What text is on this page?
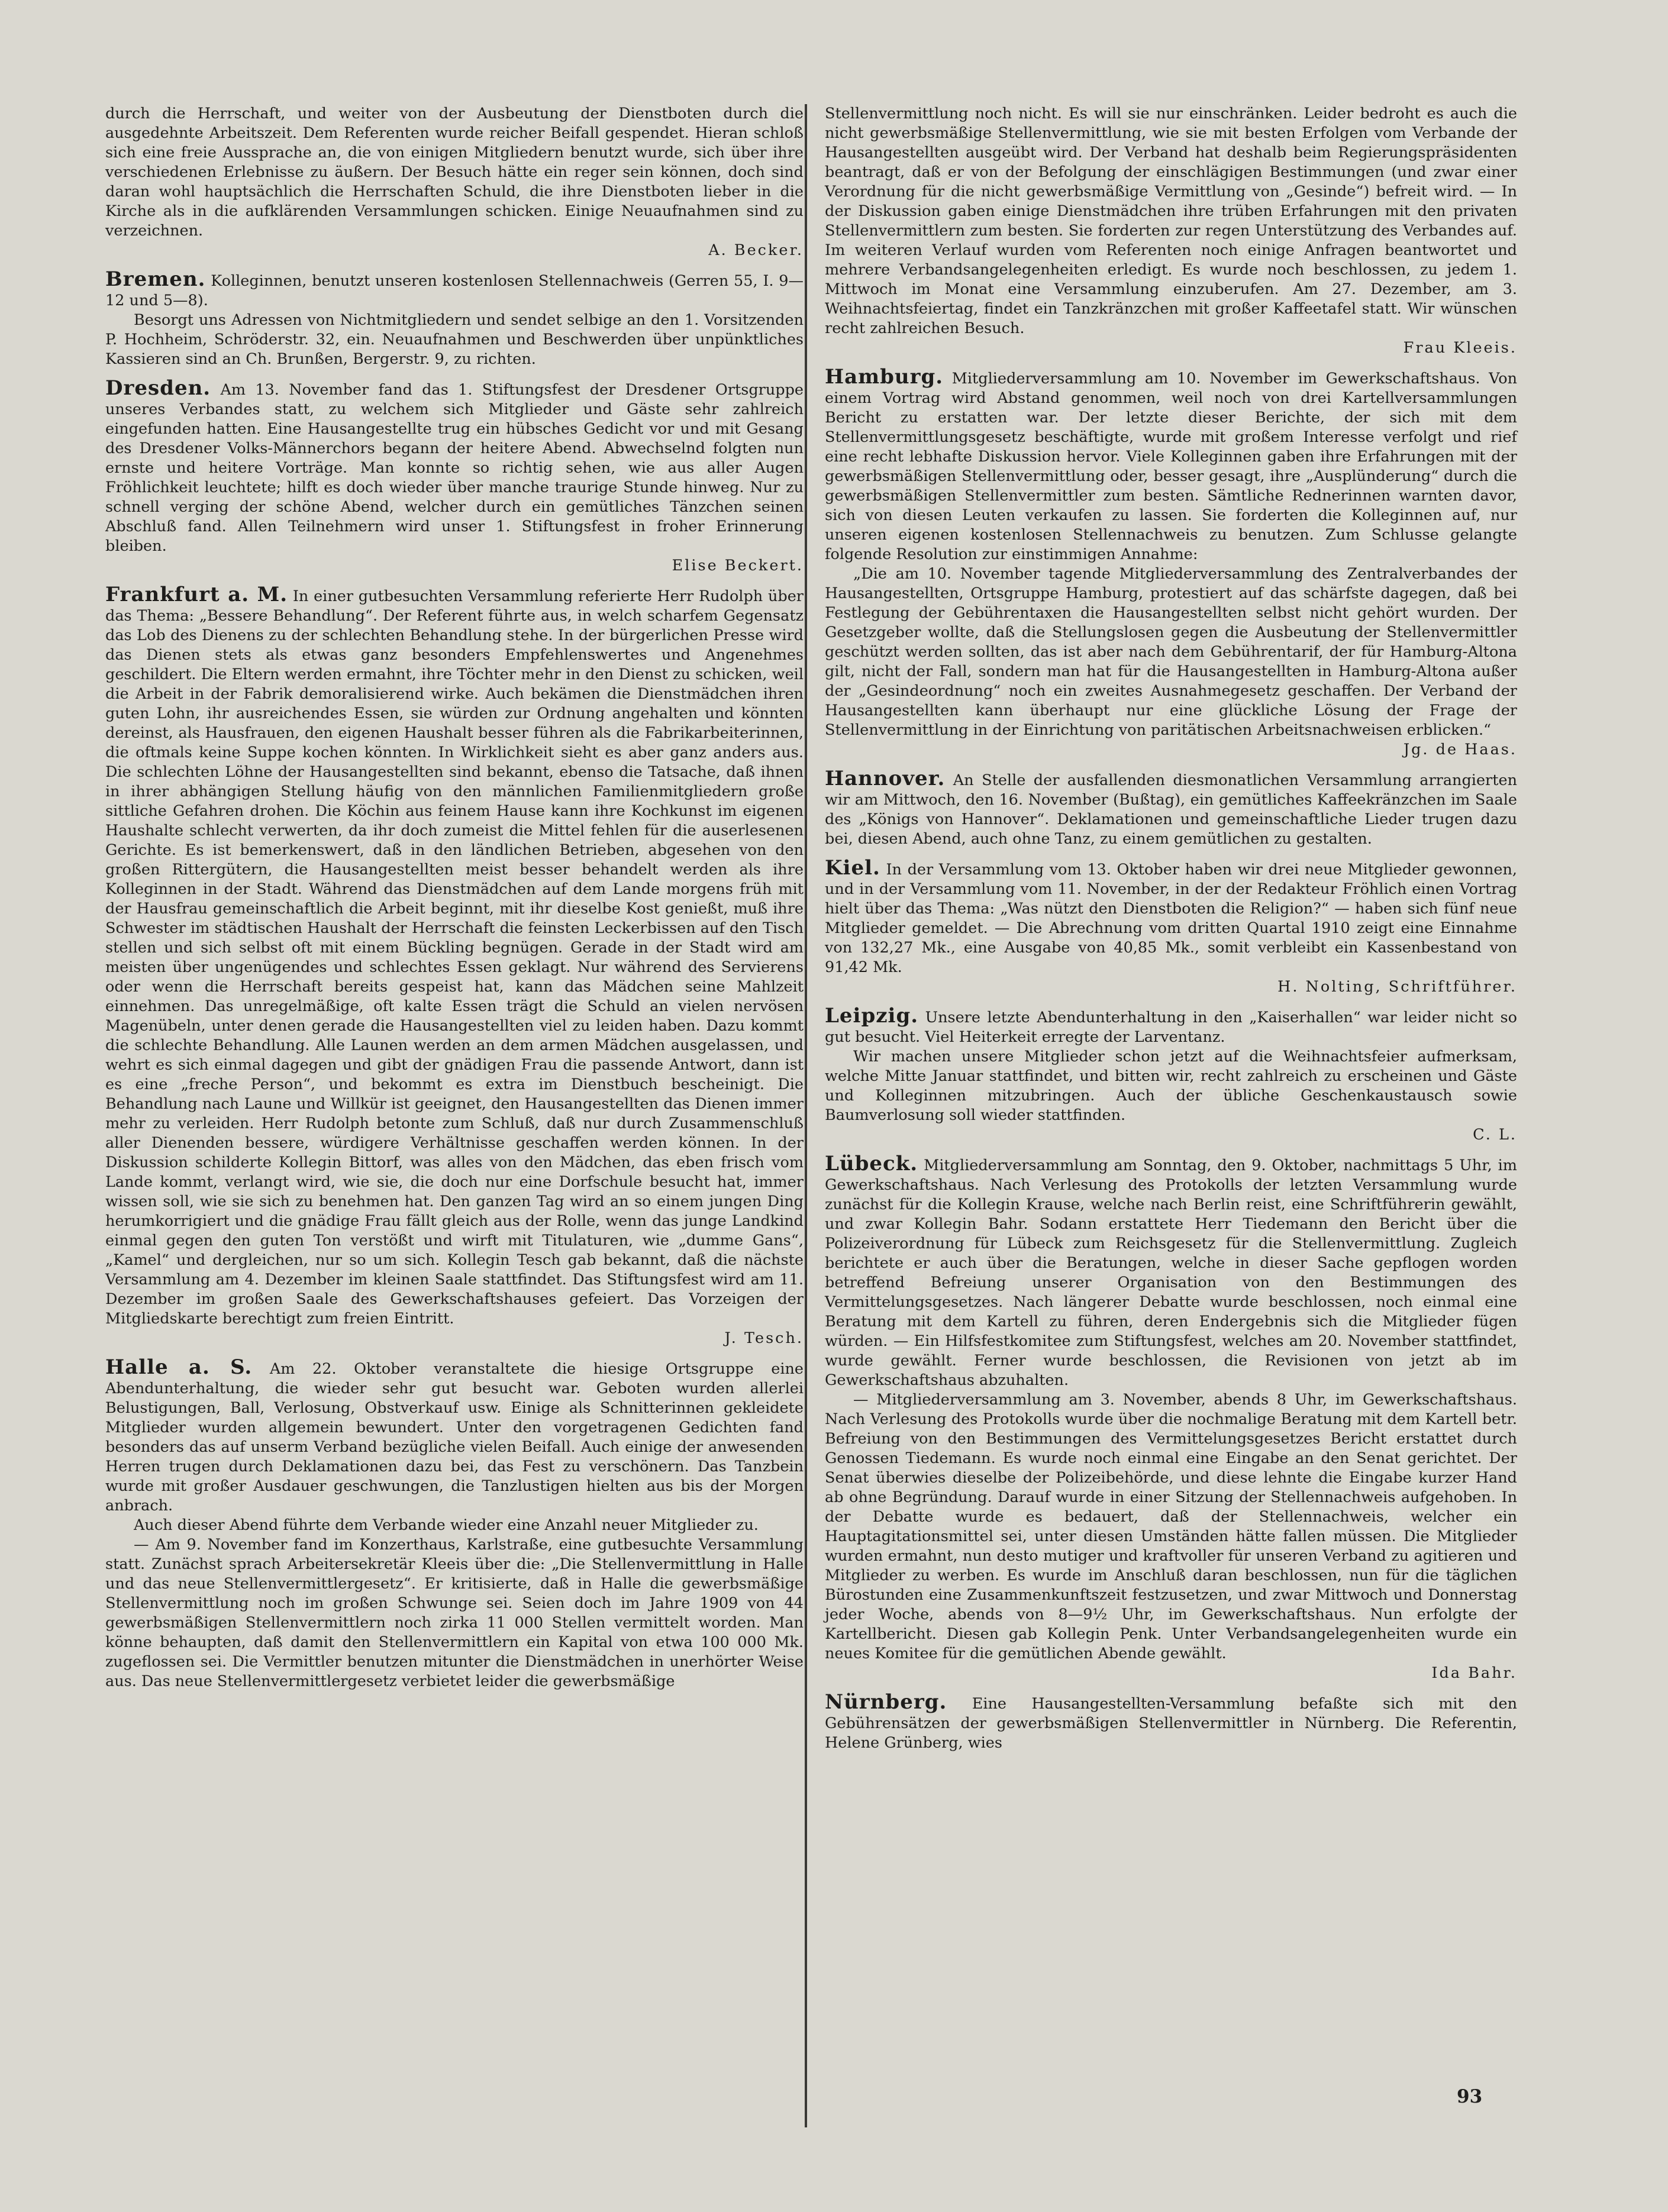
durch die Herrschaft, und weiter von der Ausbeutung der Dienstboten durch die ausgedehnte Arbeitszeit. Dem Referenten wurde reicher Beifall gespendet. Hieran schloß sich eine freie Aussprache an, die von einigen Mitgliedern benutzt wurde, sich über ihre verschiedenen Erlebnisse zu äußern. Der Besuch hätte ein reger sein können, doch sind daran wohl hauptsächlich die Herrschaften Schuld, die ihre Dienstboten lieber in die Kirche als in die aufklärenden Versammlungen schicken. Einige Neuaufnahmen sind zu verzeichnen.

A. Becker.

Bremen. Kolleginnen, benutzt unseren kostenlosen Stellennachweis (Gerren 55, I. 9—12 und 5—8).

Besorgt uns Adressen von Nichtmitgliedern und sendet selbige an den 1. Vorsitzenden P. Hochheim, Schröderstr. 32, ein. Neuaufnahmen und Beschwerden über unpünktliches Kassieren sind an Ch. Brunßen, Bergerstr. 9, zu richten.

Dresden. Am 13. November fand das 1. Stiftungsfest der Dresdener Ortsgruppe unseres Verbandes statt, zu welchem sich Mitglieder und Gäste sehr zahlreich eingefunden hatten. Eine Hausangestellte trug ein hübsches Gedicht vor und mit Gesang des Dresdener Volks-Männerchors begann der heitere Abend. Abwechselnd folgten nun ernste und heitere Vorträge. Man konnte so richtig sehen, wie aus aller Augen Fröhlichkeit leuchtete; hilft es doch wieder über manche traurige Stunde hinweg. Nur zu schnell verging der schöne Abend, welcher durch ein gemütliches Tänzchen seinen Abschluß fand. Allen Teilnehmern wird unser 1. Stiftungsfest in froher Erinnerung bleiben.

Elise Beckert.

Frankfurt a. M. In einer gutbesuchten Versammlung referierte Herr Rudolph über das Thema: „Bessere Behandlung“. Der Referent führte aus, in welch scharfem Gegensatz das Lob des Dienens zu der schlechten Behandlung stehe. In der bürgerlichen Presse wird das Dienen stets als etwas ganz besonders Empfehlenswertes und Angenehmes geschildert. Die Eltern werden ermahnt, ihre Töchter mehr in den Dienst zu schicken, weil die Arbeit in der Fabrik demoralisierend wirke. Auch bekämen die Dienstmädchen ihren guten Lohn, ihr ausreichendes Essen, sie würden zur Ordnung angehalten und könnten dereinst, als Hausfrauen, den eigenen Haushalt besser führen als die Fabrikarbeiterinnen, die oftmals keine Suppe kochen könnten. In Wirklichkeit sieht es aber ganz anders aus. Die schlechten Löhne der Hausangestellten sind bekannt, ebenso die Tatsache, daß ihnen in ihrer abhängigen Stellung häufig von den männlichen Familienmitgliedern große sittliche Gefahren drohen. Die Köchin aus feinem Hause kann ihre Kochkunst im eigenen Haushalte schlecht verwerten, da ihr doch zumeist die Mittel fehlen für die auserlesenen Gerichte. Es ist bemerkenswert, daß in den ländlichen Betrieben, abgesehen von den großen Rittergütern, die Hausangestellten meist besser behandelt werden als ihre Kolleginnen in der Stadt. Während das Dienstmädchen auf dem Lande morgens früh mit der Hausfrau gemeinschaftlich die Arbeit beginnt, mit ihr dieselbe Kost genießt, muß ihre Schwester im städtischen Haushalt der Herrschaft die feinsten Leckerbissen auf den Tisch stellen und sich selbst oft mit einem Bückling begnügen. Gerade in der Stadt wird am meisten über ungenügendes und schlechtes Essen geklagt. Nur während des Servierens oder wenn die Herrschaft bereits gespeist hat, kann das Mädchen seine Mahlzeit einnehmen. Das unregelmäßige, oft kalte Essen trägt die Schuld an vielen nervösen Magenübeln, unter denen gerade die Hausangestellten viel zu leiden haben. Dazu kommt die schlechte Behandlung. Alle Launen werden an dem armen Mädchen ausgelassen, und wehrt es sich einmal dagegen und gibt der gnädigen Frau die passende Antwort, dann ist es eine „freche Person“, und bekommt es extra im Dienstbuch bescheinigt. Die Behandlung nach Laune und Willkür ist geeignet, den Hausangestellten das Dienen immer mehr zu verleiden. Herr Rudolph betonte zum Schluß, daß nur durch Zusammenschluß aller Dienenden bessere, würdigere Verhältnisse geschaffen werden können. In der Diskussion schilderte Kollegin Bittorf, was alles von den Mädchen, das eben frisch vom Lande kommt, verlangt wird, wie sie, die doch nur eine Dorfschule besucht hat, immer wissen soll, wie sie sich zu benehmen hat. Den ganzen Tag wird an so einem jungen Ding herumkorrigiert und die gnädige Frau fällt gleich aus der Rolle, wenn das junge Landkind einmal gegen den guten Ton verstößt und wirft mit Titulaturen, wie „dumme Gans“, „Kamel“ und dergleichen, nur so um sich. Kollegin Tesch gab bekannt, daß die nächste Versammlung am 4. Dezember im kleinen Saale stattfindet. Das Stiftungsfest wird am 11. Dezember im großen Saale des Gewerkschaftshauses gefeiert. Das Vorzeigen der Mitgliedskarte berechtigt zum freien Eintritt.

J. Tesch.

Halle a. S. Am 22. Oktober veranstaltete die hiesige Ortsgruppe eine Abendunterhaltung, die wieder sehr gut besucht war. Geboten wurden allerlei Belustigungen, Ball, Verlosung, Obstverkauf usw. Einige als Schnitterinnen gekleidete Mitglieder wurden allgemein bewundert. Unter den vorgetragenen Gedichten fand besonders das auf unserm Verband bezügliche vielen Beifall. Auch einige der anwesenden Herren trugen durch Deklamationen dazu bei, das Fest zu verschönern. Das Tanzbein wurde mit großer Ausdauer geschwungen, die Tanzlustigen hielten aus bis der Morgen anbrach.

Auch dieser Abend führte dem Verbande wieder eine Anzahl neuer Mitglieder zu.

— Am 9. November fand im Konzerthaus, Karlstraße, eine gutbesuchte Versammlung statt. Zunächst sprach Arbeitersekretär Kleeis über die: „Die Stellenvermittlung in Halle und das neue Stellenvermittlergesetz“. Er kritisierte, daß in Halle die gewerbsmäßige Stellenvermittlung noch im großen Schwunge sei. Seien doch im Jahre 1909 von 44 gewerbsmäßigen Stellenvermittlern noch zirka 11 000 Stellen vermittelt worden. Man könne behaupten, daß damit den Stellenvermittlern ein Kapital von etwa 100 000 Mk. zugeflossen sei. Die Vermittler benutzen mitunter die Dienstmädchen in unerhörter Weise aus. Das neue Stellenvermittlergesetz verbietet leider die gewerbsmäßige

Stellenvermittlung noch nicht. Es will sie nur einschränken. Leider bedroht es auch die nicht gewerbsmäßige Stellenvermittlung, wie sie mit besten Erfolgen vom Verbande der Hausangestellten ausgeübt wird. Der Verband hat deshalb beim Regierungspräsidenten beantragt, daß er von der Befolgung der einschlägigen Bestimmungen (und zwar einer Verordnung für die nicht gewerbsmäßige Vermittlung von „Gesinde“) befreit wird. — In der Diskussion gaben einige Dienstmädchen ihre trüben Erfahrungen mit den privaten Stellenvermittlern zum besten. Sie forderten zur regen Unterstützung des Verbandes auf. Im weiteren Verlauf wurden vom Referenten noch einige Anfragen beantwortet und mehrere Verbandsangelegenheiten erledigt. Es wurde noch beschlossen, zu jedem 1. Mittwoch im Monat eine Versammlung einzuberufen. Am 27. Dezember, am 3. Weihnachtsfeiertag, findet ein Tanzkränzchen mit großer Kaffeetafel statt. Wir wünschen recht zahlreichen Besuch.

Frau Kleeis.

Hamburg. Mitgliederversammlung am 10. November im Gewerkschaftshaus. Von einem Vortrag wird Abstand genommen, weil noch von drei Kartellversammlungen Bericht zu erstatten war. Der letzte dieser Berichte, der sich mit dem Stellenvermittlungsgesetz beschäftigte, wurde mit großem Interesse verfolgt und rief eine recht lebhafte Diskussion hervor. Viele Kolleginnen gaben ihre Erfahrungen mit der gewerbsmäßigen Stellenvermittlung oder, besser gesagt, ihre „Ausplünderung“ durch die gewerbsmäßigen Stellenvermittler zum besten. Sämtliche Rednerinnen warnten davor, sich von diesen Leuten verkaufen zu lassen. Sie forderten die Kolleginnen auf, nur unseren eigenen kostenlosen Stellennachweis zu benutzen. Zum Schlusse gelangte folgende Resolution zur einstimmigen Annahme:

„Die am 10. November tagende Mitgliederversammlung des Zentralverbandes der Hausangestellten, Ortsgruppe Hamburg, protestiert auf das schärfste dagegen, daß bei Festlegung der Gebührentaxen die Hausangestellten selbst nicht gehört wurden. Der Gesetzgeber wollte, daß die Stellungslosen gegen die Ausbeutung der Stellenvermittler geschützt werden sollten, das ist aber nach dem Gebührentarif, der für Hamburg-Altona gilt, nicht der Fall, sondern man hat für die Hausangestellten in Hamburg-Altona außer der „Gesindeordnung“ noch ein zweites Ausnahmegesetz geschaffen. Der Verband der Hausangestellten kann überhaupt nur eine glückliche Lösung der Frage der Stellenvermittlung in der Einrichtung von paritätischen Arbeitsnachweisen erblicken.“

Jg. de Haas.

Hannover. An Stelle der ausfallenden diesmonatlichen Versammlung arrangierten wir am Mittwoch, den 16. November (Bußtag), ein gemütliches Kaffeekränzchen im Saale des „Königs von Hannover“. Deklamationen und gemeinschaftliche Lieder trugen dazu bei, diesen Abend, auch ohne Tanz, zu einem gemütlichen zu gestalten.

Kiel. In der Versammlung vom 13. Oktober haben wir drei neue Mitglieder gewonnen, und in der Versammlung vom 11. November, in der der Redakteur Fröhlich einen Vortrag hielt über das Thema: „Was nützt den Dienstboten die Religion?“ — haben sich fünf neue Mitglieder gemeldet. — Die Abrechnung vom dritten Quartal 1910 zeigt eine Einnahme von 132,27 Mk., eine Ausgabe von 40,85 Mk., somit verbleibt ein Kassenbestand von 91,42 Mk.

H. Nolting, Schriftführer.

Leipzig. Unsere letzte Abendunterhaltung in den „Kaiserhallen“ war leider nicht so gut besucht. Viel Heiterkeit erregte der Larventanz.

Wir machen unsere Mitglieder schon jetzt auf die Weihnachtsfeier aufmerksam, welche Mitte Januar stattfindet, und bitten wir, recht zahlreich zu erscheinen und Gäste und Kolleginnen mitzubringen. Auch der übliche Geschenkaustausch sowie Baumverlosung soll wieder stattfinden.

C. L.

Lübeck. Mitgliederversammlung am Sonntag, den 9. Oktober, nachmittags 5 Uhr, im Gewerkschaftshaus. Nach Verlesung des Protokolls der letzten Versammlung wurde zunächst für die Kollegin Krause, welche nach Berlin reist, eine Schriftführerin gewählt, und zwar Kollegin Bahr. Sodann erstattete Herr Tiedemann den Bericht über die Polizeiverordnung für Lübeck zum Reichsgesetz für die Stellenvermittlung. Zugleich berichtete er auch über die Beratungen, welche in dieser Sache gepflogen worden betreffend Befreiung unserer Organisation von den Bestimmungen des Vermittelungsgesetzes. Nach längerer Debatte wurde beschlossen, noch einmal eine Beratung mit dem Kartell zu führen, deren Endergebnis sich die Mitglieder fügen würden. — Ein Hilfsfestkomitee zum Stiftungsfest, welches am 20. November stattfindet, wurde gewählt. Ferner wurde beschlossen, die Revisionen von jetzt ab im Gewerkschaftshaus abzuhalten.

— Mitgliederversammlung am 3. November, abends 8 Uhr, im Gewerkschaftshaus. Nach Verlesung des Protokolls wurde über die nochmalige Beratung mit dem Kartell betr. Befreiung von den Bestimmungen des Vermittelungsgesetzes Bericht erstattet durch Genossen Tiedemann. Es wurde noch einmal eine Eingabe an den Senat gerichtet. Der Senat überwies dieselbe der Polizeibehörde, und diese lehnte die Eingabe kurzer Hand ab ohne Begründung. Darauf wurde in einer Sitzung der Stellennachweis aufgehoben. In der Debatte wurde es bedauert, daß der Stellennachweis, welcher ein Hauptagitationsmittel sei, unter diesen Umständen hätte fallen müssen. Die Mitglieder wurden ermahnt, nun desto mutiger und kraftvoller für unseren Verband zu agitieren und Mitglieder zu werben. Es wurde im Anschluß daran beschlossen, nun für die täglichen Bürostunden eine Zusammenkunftszeit festzusetzen, und zwar Mittwoch und Donnerstag jeder Woche, abends von 8—9½ Uhr, im Gewerkschaftshaus. Nun erfolgte der Kartellbericht. Diesen gab Kollegin Penk. Unter Verbandsangelegenheiten wurde ein neues Komitee für die gemütlichen Abende gewählt.

Ida Bahr.

Nürnberg. Eine Hausangestellten-Versammlung befaßte sich mit den Gebührensätzen der gewerbsmäßigen Stellenvermittler in Nürnberg. Die Referentin, Helene Grünberg, wies

93
